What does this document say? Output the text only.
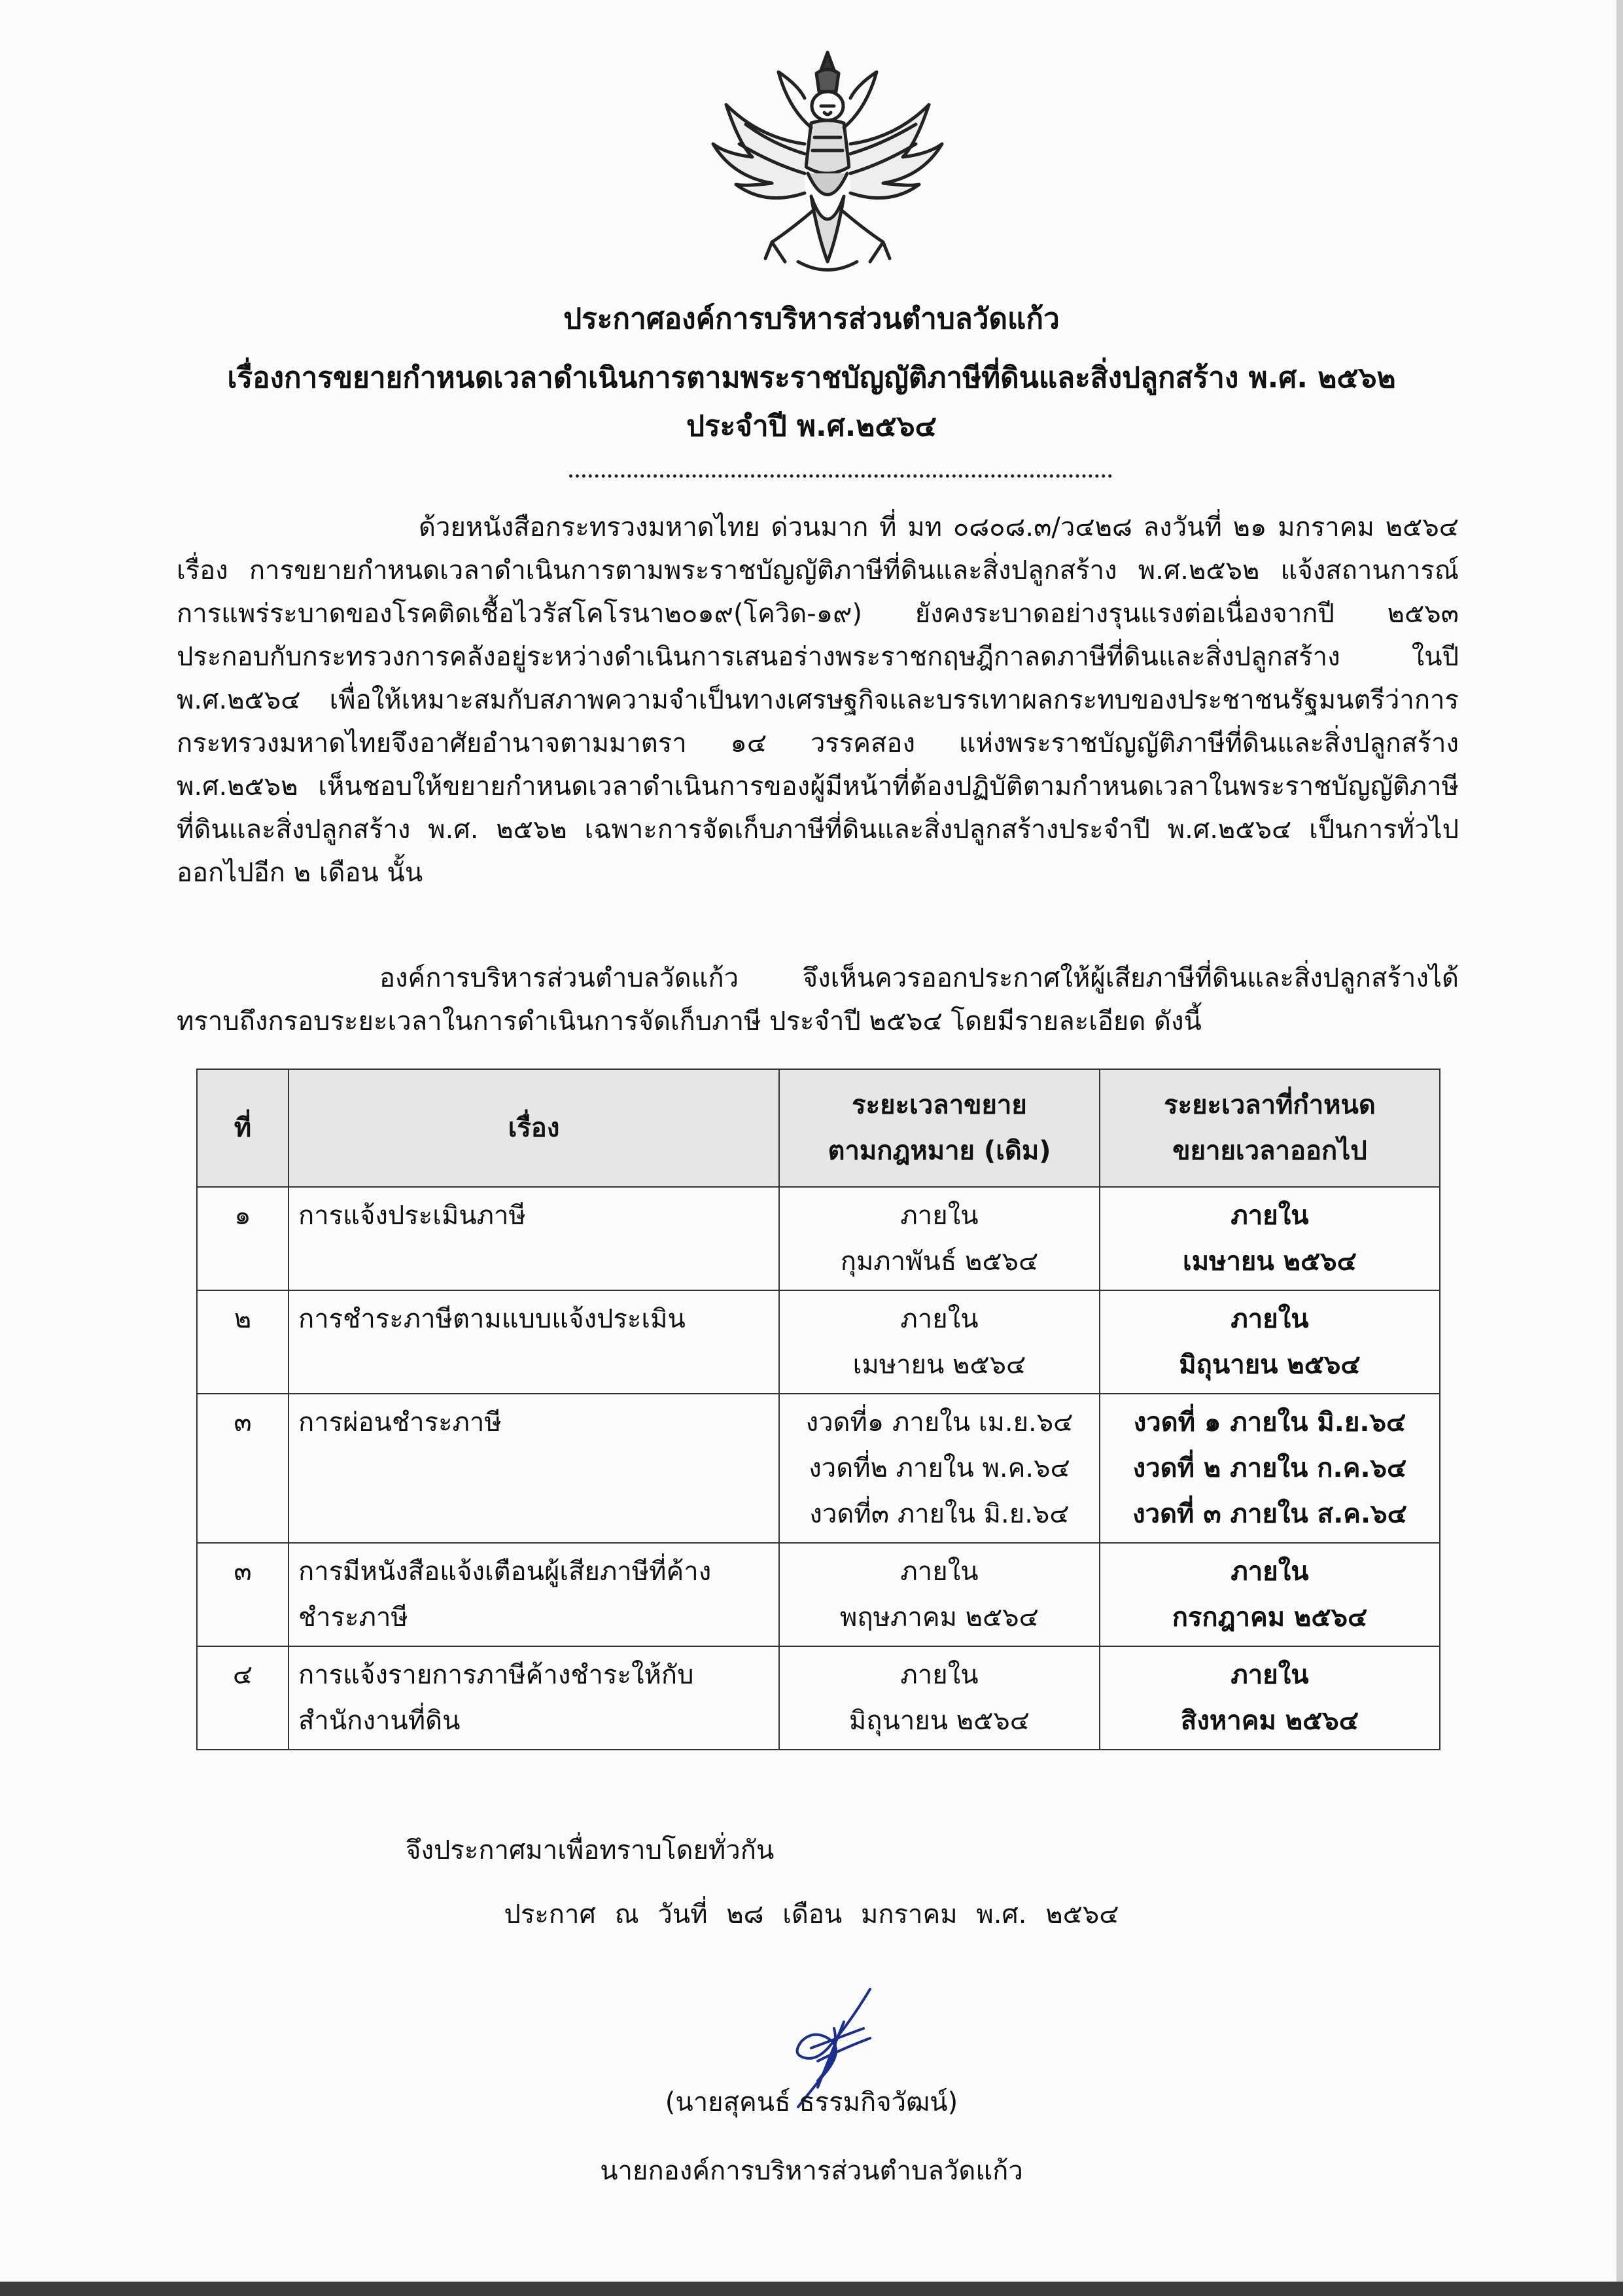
ประกาศองค์การบริหารส่วนตำบลวัดแก้ว
เรื่องการขยายกำหนดเวลาดำเนินการตามพระราชบัญญัติภาษีที่ดินและสิ่งปลูกสร้าง พ.ศ. ๒๕๖๒
ประจำปี พ.ศ.๒๕๖๔
ด้วยหนังสือกระทรวงมหาดไทย ด่วนมาก ที่ มท ๐๘๐๘.๓/ว๔๒๘ ลงวันที่ ๒๑ มกราคม ๒๕๖๔ เรื่อง การขยายกำหนดเวลาดำเนินการตามพระราชบัญญัติภาษีที่ดินและสิ่งปลูกสร้าง พ.ศ.๒๕๖๒ แจ้งสถานการณ์การแพร่ระบาดของโรคติดเชื้อไวรัสโคโรนา๒๐๑๙(โควิด-๑๙) ยังคงระบาดอย่างรุนแรงต่อเนื่องจากปี ๒๕๖๓ ประกอบกับกระทรวงการคลังอยู่ระหว่างดำเนินการเสนอร่างพระราชกฤษฎีกาลดภาษีที่ดินและสิ่งปลูกสร้าง ในปี พ.ศ.๒๕๖๔ เพื่อให้เหมาะสมกับสภาพความจำเป็นทางเศรษฐกิจและบรรเทาผลกระทบของประชาชนรัฐมนตรีว่าการกระทรวงมหาดไทยจึงอาศัยอำนาจตามมาตรา ๑๔ วรรคสอง แห่งพระราชบัญญัติภาษีที่ดินและสิ่งปลูกสร้าง พ.ศ.๒๕๖๒ เห็นชอบให้ขยายกำหนดเวลาดำเนินการของผู้มีหน้าที่ต้องปฏิบัติตามกำหนดเวลาในพระราชบัญญัติภาษีที่ดินและสิ่งปลูกสร้าง พ.ศ. ๒๕๖๒ เฉพาะการจัดเก็บภาษีที่ดินและสิ่งปลูกสร้างประจำปี พ.ศ.๒๕๖๔ เป็นการทั่วไปออกไปอีก ๒ เดือน นั้น
องค์การบริหารส่วนตำบลวัดแก้ว จึงเห็นควรออกประกาศให้ผู้เสียภาษีที่ดินและสิ่งปลูกสร้างได้ทราบถึงกรอบระยะเวลาในการดำเนินการจัดเก็บภาษี ประจำปี ๒๕๖๔ โดยมีรายละเอียด ดังนี้
ที่	เรื่อง	ระยะเวลาขยาย
ตามกฎหมาย (เดิม)	ระยะเวลาที่กำหนด
ขยายเวลาออกไป

๑	การแจ้งประเมินภาษี	ภายใน
กุมภาพันธ์ ๒๕๖๔	ภายใน
เมษายน ๒๕๖๔

๒	การชำระภาษีตามแบบแจ้งประเมิน	ภายใน
เมษายน ๒๕๖๔	ภายใน
มิถุนายน ๒๕๖๔

๓	การผ่อนชำระภาษี	งวดที่๑ ภายใน เม.ย.๖๔
งวดที่๒ ภายใน พ.ค.๖๔
งวดที่๓ ภายใน มิ.ย.๖๔	งวดที่ ๑ ภายใน มิ.ย.๖๔
งวดที่ ๒ ภายใน ก.ค.๖๔
งวดที่ ๓ ภายใน ส.ค.๖๔

๓	การมีหนังสือแจ้งเตือนผู้เสียภาษีที่ค้าง
ชำระภาษี	ภายใน
พฤษภาคม ๒๕๖๔	ภายใน
กรกฎาคม ๒๕๖๔

๔	การแจ้งรายการภาษีค้างชำระให้กับ
สำนักงานที่ดิน	ภายใน
มิถุนายน ๒๕๖๔	ภายใน
สิงหาคม ๒๕๖๔
จึงประกาศมาเพื่อทราบโดยทั่วกัน
ประกาศ ณ วันที่ ๒๘ เดือน มกราคม พ.ศ. ๒๕๖๔
(นายสุคนธ์ ธรรมกิจวัฒน์)
นายกองค์การบริหารส่วนตำบลวัดแก้ว
